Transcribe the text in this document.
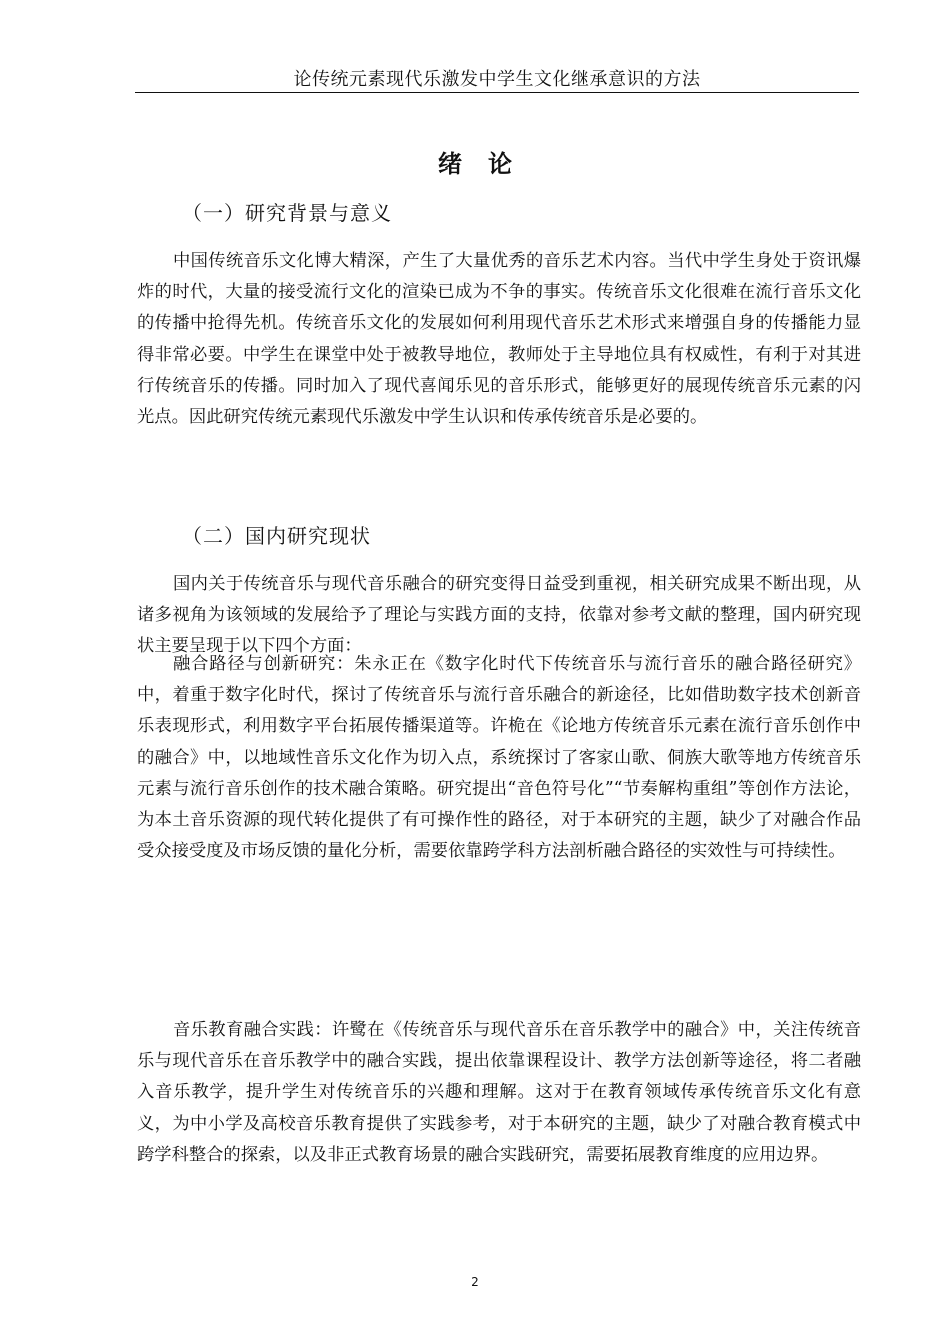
论传统元素现代乐激发中学生文化继承意识的方法
绪论
（一）研究背景与意义

中国传统音乐文化博大精深，产生了大量优秀的音乐艺术内容。当代中学生身处于资讯爆炸的时代，大量的接受流行文化的渲染已成为不争的事实。传统音乐文化很难在流行音乐文化的传播中抢得先机。传统音乐文化的发展如何利用现代音乐艺术形式来增强自身的传播能力显得非常必要。中学生在课堂中处于被教导地位，教师处于主导地位具有权威性，有利于对其进行传统音乐的传播。同时加入了现代喜闻乐见的音乐形式，能够更好的展现传统音乐元素的闪光点。因此研究传统元素现代乐激发中学生认识和传承传统音乐是必要的。

（二）国内研究现状

国内关于传统音乐与现代音乐融合的研究变得日益受到重视，相关研究成果不断出现，从诸多视角为该领域的发展给予了理论与实践方面的支持，依靠对参考文献的整理，国内研究现状主要呈现于以下四个方面：

融合路径与创新研究：朱永正在《数字化时代下传统音乐与流行音乐的融合路径研究》中，着重于数字化时代，探讨了传统音乐与流行音乐融合的新途径，比如借助数字技术创新音乐表现形式，利用数字平台拓展传播渠道等。许桅在《论地方传统音乐元素在流行音乐创作中的融合》中，以地域性音乐文化作为切入点，系统探讨了客家山歌、侗族大歌等地方传统音乐元素与流行音乐创作的技术融合策略。研究提出“音色符号化”“节奏解构重组”等创作方法论，为本土音乐资源的现代转化提供了有可操作性的路径，对于本研究的主题，缺少了对融合作品受众接受度及市场反馈的量化分析，需要依靠跨学科方法剖析融合路径的实效性与可持续性。

音乐教育融合实践：许鹭在《传统音乐与现代音乐在音乐教学中的融合》中，关注传统音乐与现代音乐在音乐教学中的融合实践，提出依靠课程设计、教学方法创新等途径，将二者融入音乐教学，提升学生对传统音乐的兴趣和理解。这对于在教育领域传承传统音乐文化有意义，为中小学及高校音乐教育提供了实践参考，对于本研究的主题，缺少了对融合教育模式中跨学科整合的探索，以及非正式教育场景的融合实践研究，需要拓展教育维度的应用边界。

2
